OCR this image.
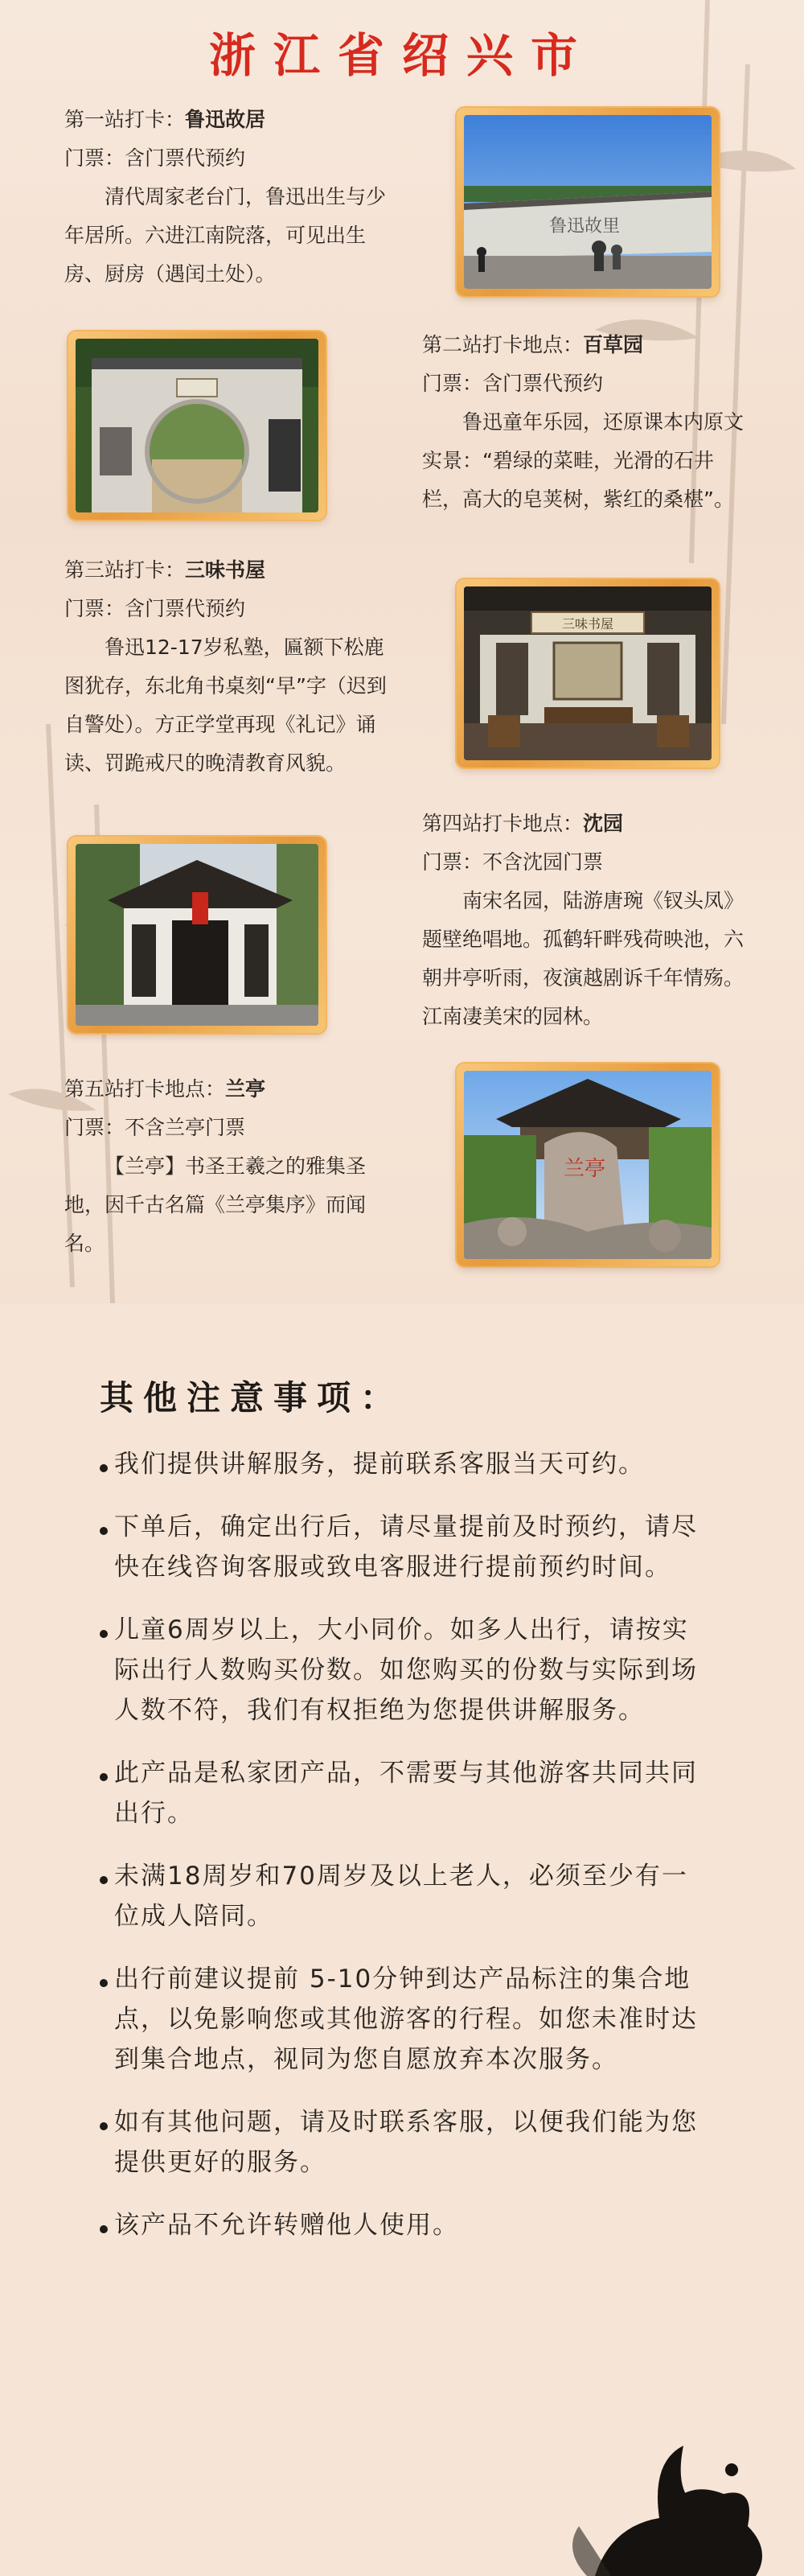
浙江省绍兴市

第一站打卡：鲁迅故居

门票：含门票代预约

清代周家老台门，鲁迅出生与少年居所。六进江南院落，可见出生房、厨房（遇闰土处）。

鲁迅故里

第二站打卡地点：百草园

门票：含门票代预约

鲁迅童年乐园，还原课本内原文实景：“碧绿的菜畦，光滑的石井栏，高大的皂荚树，紫红的桑椹”。

第三站打卡：三味书屋

门票：含门票代预约

鲁迅12-17岁私塾，匾额下松鹿图犹存，东北角书桌刻“早”字（迟到自警处）。方正学堂再现《礼记》诵读、罚跪戒尺的晚清教育风貌。

三味书屋

第四站打卡地点：沈园

门票：不含沈园门票

南宋名园，陆游唐琬《钗头凤》题壁绝唱地。孤鹤轩畔残荷映池，六朝井亭听雨，夜演越剧诉千年情殇。江南凄美宋的园林。

第五站打卡地点：兰亭

门票：不含兰亭门票

【兰亭】书圣王羲之的雅集圣地，因千古名篇《兰亭集序》而闻名。

兰亭
其他注意事项：
我们提供讲解服务，提前联系客服当天可约。
下单后，确定出行后，请尽量提前及时预约，请尽快在线咨询客服或致电客服进行提前预约时间。
儿童6周岁以上，大小同价。如多人出行，请按实际出行人数购买份数。如您购买的份数与实际到场人数不符，我们有权拒绝为您提供讲解服务。
此产品是私家团产品，不需要与其他游客共同共同出行。
未满18周岁和70周岁及以上老人，必须至少有一位成人陪同。
出行前建议提前 5-10分钟到达产品标注的集合地点，以免影响您或其他游客的行程。如您未准时达到集合地点，视同为您自愿放弃本次服务。
如有其他问题，请及时联系客服，以便我们能为您提供更好的服务。
该产品不允许转赠他人使用。
